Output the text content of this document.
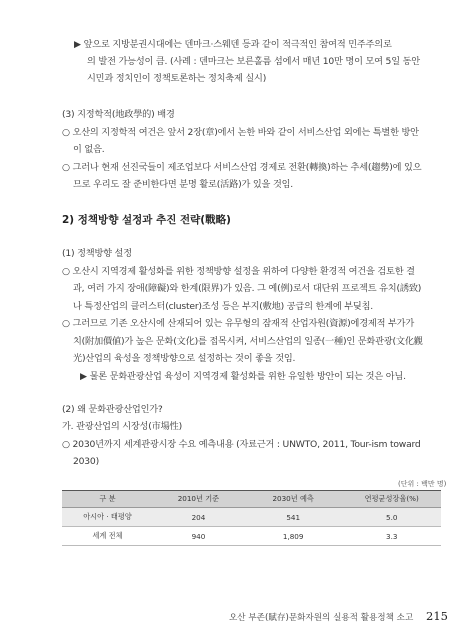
▶ 앞으로 지방분권시대에는 덴마크·스웨덴 등과 같이 적극적인 참여적 민주주의로
의 발전 가능성이 큼. (사례 : 덴마크는 보른홀름 섬에서 매년 10만 명이 모여 5일 동안
시민과 정치인이 정책토론하는 정치축제 실시)
(3) 지정학적(地政學的) 배경
○ 오산의 지정학적 여건은 앞서 2장(章)에서 논한 바와 같이 서비스산업 외에는 특별한 방안
이 없음.
○ 그러나 현재 선진국들이 제조업보다 서비스산업 경제로 전환(轉換)하는 추세(趨勢)에 있으
므로 우리도 잘 준비한다면 분명 활로(活路)가 있을 것임.
2) 정책방향 설정과 추진 전략(戰略)
(1) 정책방향 설정
○ 오산시 지역경제 활성화를 위한 정책방향 설정을 위하여 다양한 환경적 여건을 검토한 결
과, 여러 가지 장애(障礙)와 한계(限界)가 있음. 그 예(例)로서 대단위 프로젝트 유치(誘致)
나 특정산업의 클러스터(cluster)조성 등은 부지(敷地) 공급의 한계에 부딪침.
○ 그러므로 기존 오산시에 산재되어 있는 유무형의 잠재적 산업자원(資源)에경제적 부가가
치(附加價値)가 높은 문화(文化)를 접목시켜, 서비스산업의 일종(一種)인 문화관광(文化觀
光)산업의 육성을 정책방향으로 설정하는 것이 좋을 것임.
▶ 물론 문화관광산업 육성이 지역경제 활성화를 위한 유일한 방안이 되는 것은 아님.
(2) 왜 문화관광산업인가?
가. 관광산업의 시장성(市場性)
○ 2030년까지 세계관광시장 수요 예측내용 (자료근거 : UNWTO, 2011, Tour-ism toward
2030)
(단위 : 백만 명)
구 분	2010년 기준	2030년 예측	연평균성장율(%)
아시아 · 태평양	204	541	5.0
세계 전체	940	1,809	3.3
오산 부존(賦存)문화자원의 실용적 활용정책 소고 215
